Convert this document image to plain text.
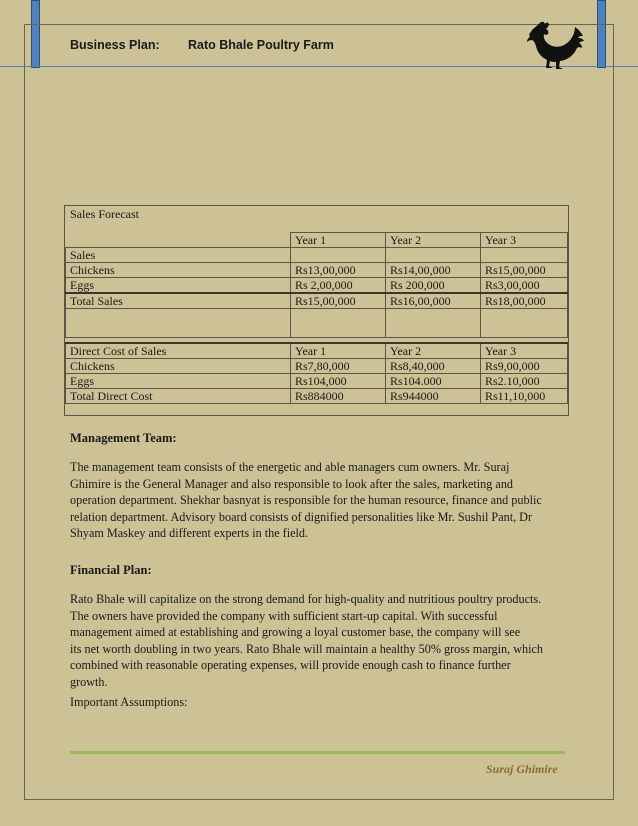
Business Plan: Rato Bhale Poultry Farm
Sales Forecast
	Year 1	Year 2	Year 3
Sales			
Chickens	Rs13,00,000	Rs14,00,000	Rs15,00,000
Eggs	Rs 2,00,000	Rs 200,000	Rs3,00,000
Total Sales	Rs15,00,000	Rs16,00,000	Rs18,00,000

Direct Cost of Sales	Year 1	Year 2	Year 3
Chickens	Rs7,80,000	Rs8,40,000	Rs9,00,000
Eggs	Rs104,000	Rs104.000	Rs2.10,000
Total Direct Cost	Rs884000	Rs944000	Rs11,10,000
Management Team:
The management team consists of the energetic and able managers cum owners. Mr. Suraj
Ghimire is the General Manager and also responsible to look after the sales, marketing and
operation department. Shekhar basnyat is responsible for the human resource, finance and public
relation department. Advisory board consists of dignified personalities like Mr. Sushil Pant, Dr
Shyam Maskey and different experts in the field.
Financial Plan:
Rato Bhale will capitalize on the strong demand for high-quality and nutritious poultry products.
The owners have provided the company with sufficient start-up capital. With successful
management aimed at establishing and growing a loyal customer base, the company will see
its net worth doubling in two years. Rato Bhale will maintain a healthy 50% gross margin, which
combined with reasonable operating expenses, will provide enough cash to finance further
growth.
Important Assumptions:
Suraj Ghimire
